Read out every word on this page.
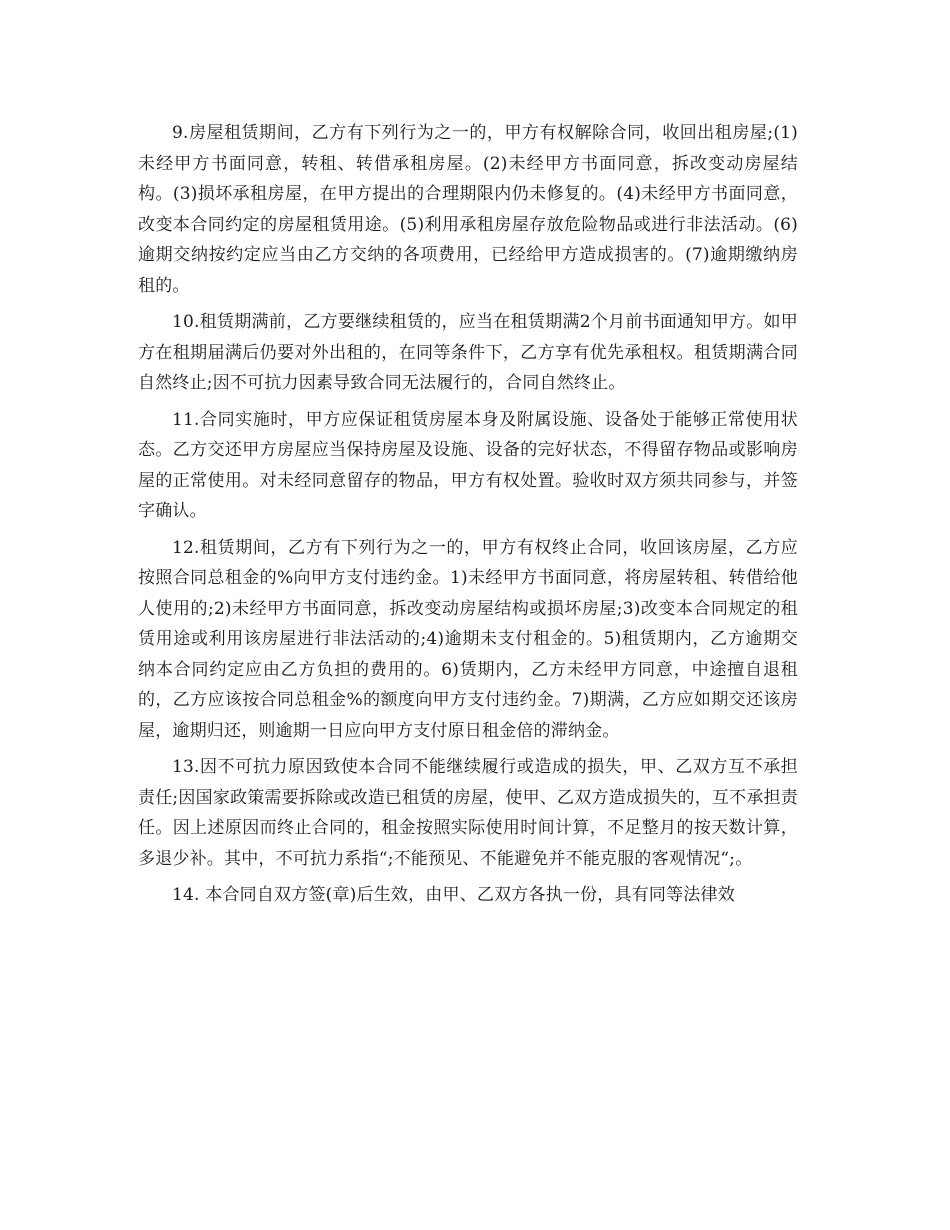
9.房屋租赁期间，乙方有下列行为之一的，甲方有权解除合同，收回出租房屋;(1)未经甲方书面同意，转租、转借承租房屋。(2)未经甲方书面同意，拆改变动房屋结构。(3)损坏承租房屋，在甲方提出的合理期限内仍未修复的。(4)未经甲方书面同意，改变本合同约定的房屋租赁用途。(5)利用承租房屋存放危险物品或进行非法活动。(6)逾期交纳按约定应当由乙方交纳的各项费用，已经给甲方造成损害的。(7)逾期缴纳房租的。

10.租赁期满前，乙方要继续租赁的，应当在租赁期满2个月前书面通知甲方。如甲方在租期届满后仍要对外出租的，在同等条件下，乙方享有优先承租权。租赁期满合同自然终止;因不可抗力因素导致合同无法履行的，合同自然终止。

11.合同实施时，甲方应保证租赁房屋本身及附属设施、设备处于能够正常使用状态。乙方交还甲方房屋应当保持房屋及设施、设备的完好状态，不得留存物品或影响房屋的正常使用。对未经同意留存的物品，甲方有权处置。验收时双方须共同参与，并签字确认。

12.租赁期间，乙方有下列行为之一的，甲方有权终止合同，收回该房屋，乙方应按照合同总租金的%向甲方支付违约金。1)未经甲方书面同意，将房屋转租、转借给他人使用的;2)未经甲方书面同意，拆改变动房屋结构或损坏房屋;3)改变本合同规定的租赁用途或利用该房屋进行非法活动的;4)逾期未支付租金的。5)租赁期内，乙方逾期交纳本合同约定应由乙方负担的费用的。6)赁期内，乙方未经甲方同意，中途擅自退租的，乙方应该按合同总租金%的额度向甲方支付违约金。7)期满，乙方应如期交还该房屋，逾期归还，则逾期一日应向甲方支付原日租金倍的滞纳金。

13.因不可抗力原因致使本合同不能继续履行或造成的损失，甲、乙双方互不承担责任;因国家政策需要拆除或改造已租赁的房屋，使甲、乙双方造成损失的，互不承担责任。因上述原因而终止合同的，租金按照实际使用时间计算，不足整月的按天数计算，多退少补。其中，不可抗力系指“;不能预见、不能避免并不能克服的客观情况“;。

14. 本合同自双方签(章)后生效，由甲、乙双方各执一份，具有同等法律效
